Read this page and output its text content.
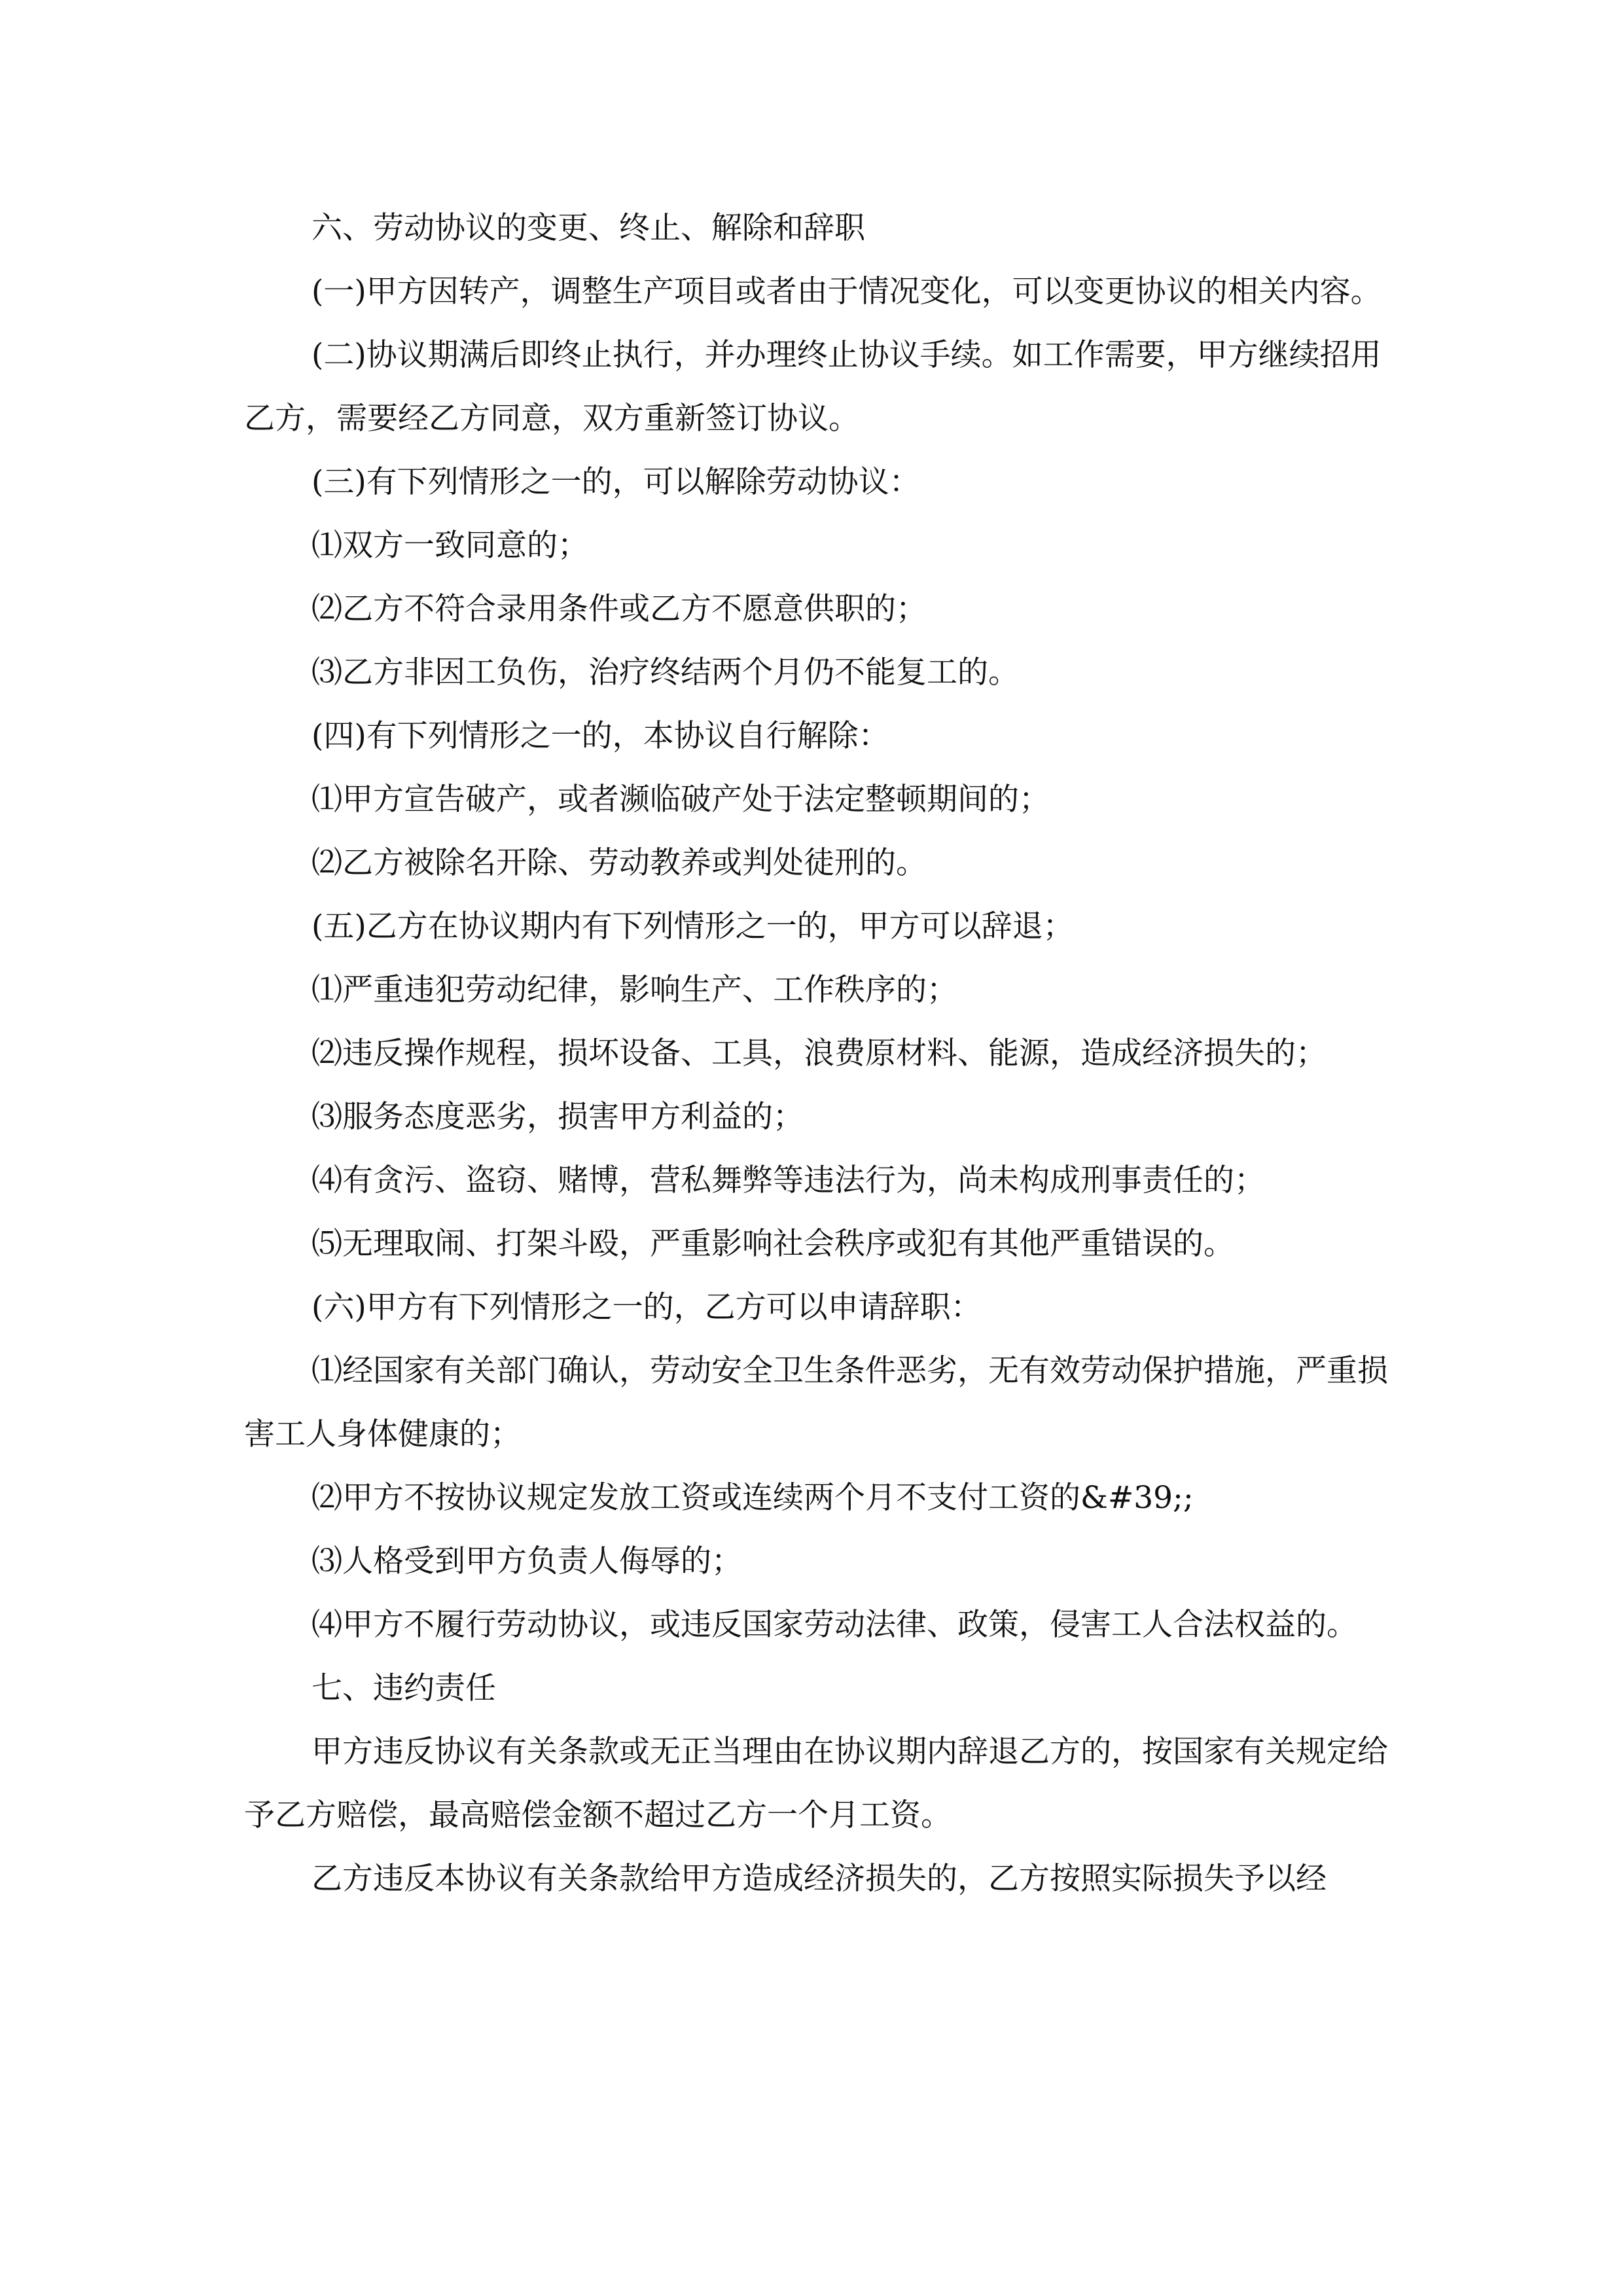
六、劳动协议的变更、终止、解除和辞职

(一)甲方因转产，调整生产项目或者由于情况变化，可以变更协议的相关内容。

(二)协议期满后即终止执行，并办理终止协议手续。如工作需要，甲方继续招用乙方，需要经乙方同意，双方重新签订协议。

(三)有下列情形之一的，可以解除劳动协议：

⑴双方一致同意的；

⑵乙方不符合录用条件或乙方不愿意供职的；

⑶乙方非因工负伤，治疗终结两个月仍不能复工的。

(四)有下列情形之一的，本协议自行解除：

⑴甲方宣告破产，或者濒临破产处于法定整顿期间的；

⑵乙方被除名开除、劳动教养或判处徒刑的。

(五)乙方在协议期内有下列情形之一的，甲方可以辞退；

⑴严重违犯劳动纪律，影响生产、工作秩序的；

⑵违反操作规程，损坏设备、工具，浪费原材料、能源，造成经济损失的；

⑶服务态度恶劣，损害甲方利益的；

⑷有贪污、盗窃、赌博，营私舞弊等违法行为，尚未构成刑事责任的；

⑸无理取闹、打架斗殴，严重影响社会秩序或犯有其他严重错误的。

(六)甲方有下列情形之一的，乙方可以申请辞职：

⑴经国家有关部门确认，劳动安全卫生条件恶劣，无有效劳动保护措施，严重损害工人身体健康的；

⑵甲方不按协议规定发放工资或连续两个月不支付工资的&#39;;

⑶人格受到甲方负责人侮辱的；

⑷甲方不履行劳动协议，或违反国家劳动法律、政策，侵害工人合法权益的。

七、违约责任

甲方违反协议有关条款或无正当理由在协议期内辞退乙方的，按国家有关规定给予乙方赔偿，最高赔偿金额不超过乙方一个月工资。

乙方违反本协议有关条款给甲方造成经济损失的，乙方按照实际损失予以经
